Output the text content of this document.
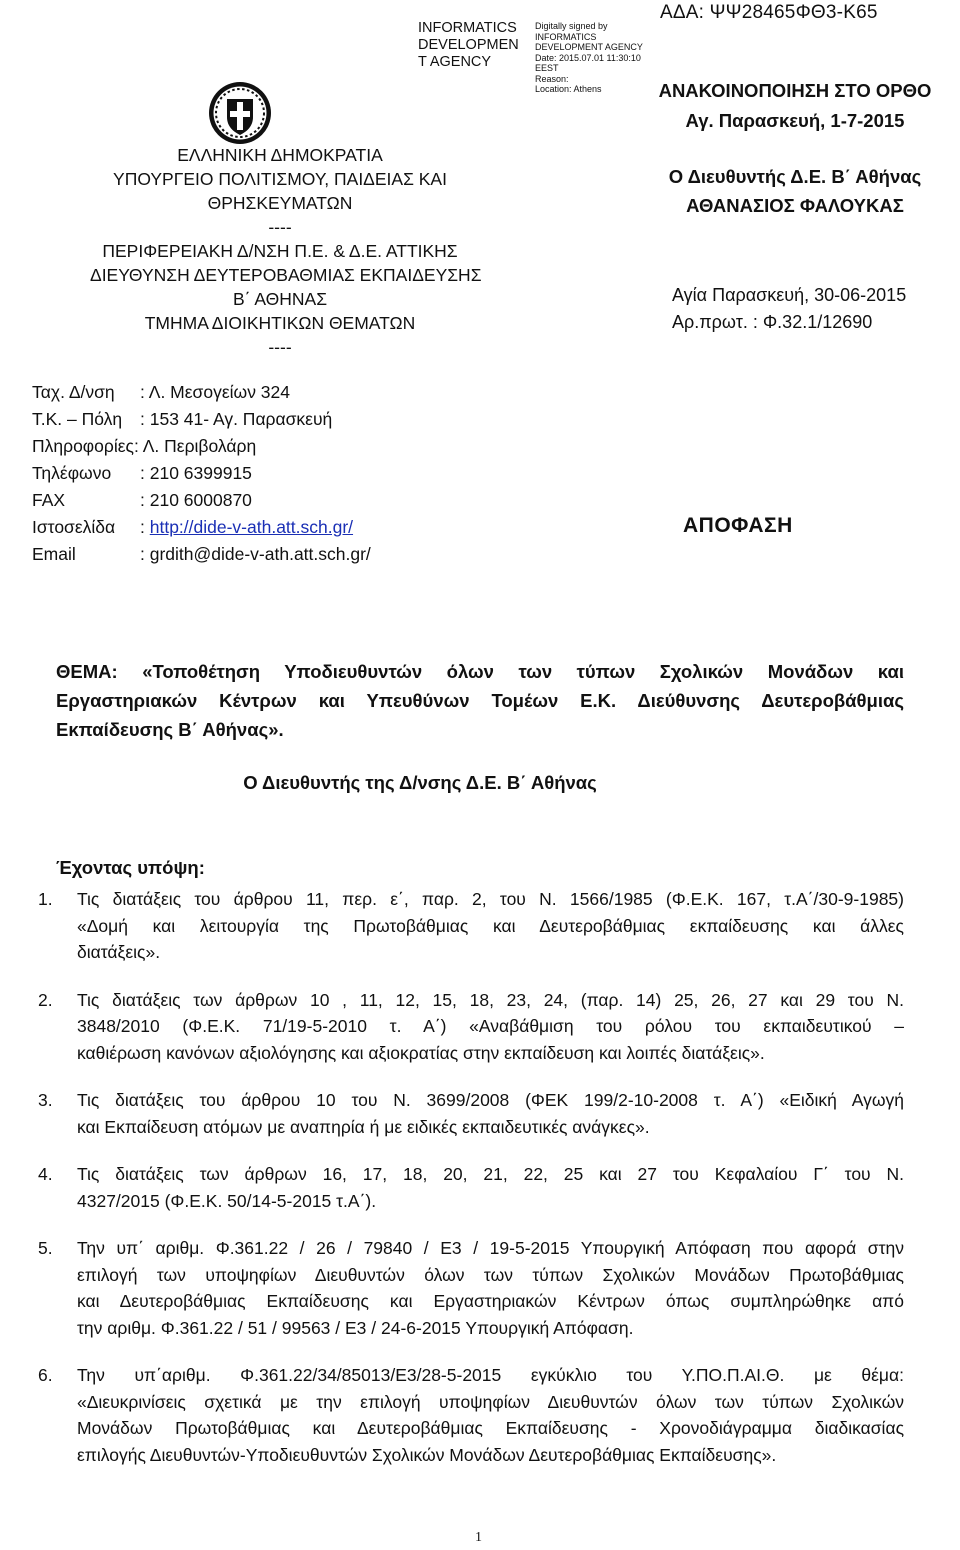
ΕΛΛΗΝΙΚΗ ΔΗΜΟΚΡΑΤΙΑ
ΥΠΟΥΡΓΕΙΟ ΠΟΛΙΤΙΣΜΟΥ, ΠΑΙΔΕΙΑΣ ΚΑΙ
ΘΡΗΣΚΕΥΜΑΤΩΝ
----
ΠΕΡΙΦΕΡΕΙΑΚΗ Δ/ΝΣΗ Π.Ε. & Δ.Ε. ΑΤΤΙΚΗΣ
ΔΙΕΥΘΥΝΣΗ ΔΕΥΤΕΡΟΒΑΘΜΙΑΣ ΕΚΠΑΙΔΕΥΣΗΣ
Β΄ ΑΘΗΝΑΣ
ΤΜΗΜΑ ΔΙΟΙΚΗΤΙΚΩΝ ΘΕΜΑΤΩΝ
----
Ταχ. Δ/νση : Λ. Μεσογείων 324
Τ.Κ. – Πόλη : 153 41- Αγ. Παρασκευή
Πληροφορίες: Λ. Περιβολάρη
Τηλέφωνο : 210 6399915
FAX	: 210 6000870
Ιστοσελίδα : http://dide-v-ath.att.sch.gr/
Email	: grdith@dide-v-ath.att.sch.gr/
INFORMATICS
DEVELOPMEN
T AGENCY
Digitally signed by
INFORMATICS
DEVELOPMENT AGENCY
Date: 2015.07.01 11:30:10
EEST
Reason:
Location: Athens
ΑΔΑ: ΨΨ28465ΦΘ3-Κ65
ΑΝΑΚΟΙΝΟΠΟΙΗΣΗ ΣΤΟ ΟΡΘΟ
Αγ. Παρασκευή, 1-7-2015
Ο Διευθυντής Δ.Ε. Β΄ Αθήνας
ΑΘΑΝΑΣΙΟΣ ΦΑΛΟΥΚΑΣ
Αγία Παρασκευή, 30-06-2015
Αρ.πρωτ. : Φ.32.1/12690
ΑΠΟΦΑΣΗ
ΘΕΜΑ: «Τοποθέτηση Υποδιευθυντών όλων των τύπων Σχολικών Μονάδων και
Εργαστηριακών Κέντρων και Υπευθύνων Τομέων Ε.Κ. Διεύθυνσης Δευτεροβάθμιας
Εκπαίδευσης Β΄ Αθήνας».
Ο Διευθυντής της Δ/νσης Δ.Ε. Β΄ Αθήνας
Έχοντας υπόψη:
1. Τις διατάξεις του άρθρου 11, περ. ε΄, παρ. 2, του Ν. 1566/1985 (Φ.Ε.Κ. 167, τ.Α΄/30-9-1985)
«Δομή και λειτουργία της Πρωτοβάθμιας και Δευτεροβάθμιας εκπαίδευσης και άλλες
διατάξεις».
2. Τις διατάξεις των άρθρων 10 , 11, 12, 15, 18, 23, 24, (παρ. 14) 25, 26, 27 και 29 του Ν.
3848/2010 (Φ.Ε.Κ. 71/19-5-2010 τ. Α΄) «Αναβάθμιση του ρόλου του εκπαιδευτικού –
καθιέρωση κανόνων αξιολόγησης και αξιοκρατίας στην εκπαίδευση και λοιπές διατάξεις».
3. Τις διατάξεις του άρθρου 10 του Ν. 3699/2008 (ΦΕΚ 199/2-10-2008 τ. Α΄) «Ειδική Αγωγή
και Εκπαίδευση ατόμων με αναπηρία ή με ειδικές εκπαιδευτικές ανάγκες».
4. Τις διατάξεις των άρθρων 16, 17, 18, 20, 21, 22, 25 και 27 του Κεφαλαίου Γ΄ του Ν.
4327/2015 (Φ.Ε.Κ. 50/14-5-2015 τ.Α΄).
5. Την υπ΄ αριθμ. Φ.361.22 / 26 / 79840 / Ε3 / 19-5-2015 Υπουργική Απόφαση που αφορά στην
επιλογή των υποψηφίων Διευθυντών όλων των τύπων Σχολικών Μονάδων Πρωτοβάθμιας
και Δευτεροβάθμιας Εκπαίδευσης και Εργαστηριακών Κέντρων όπως συμπληρώθηκε από
την αριθμ. Φ.361.22 / 51 / 99563 / Ε3 / 24-6-2015 Υπουργική Απόφαση.
6. Την υπ΄αριθμ. Φ.361.22/34/85013/Ε3/28-5-2015 εγκύκλιο του Υ.ΠΟ.Π.ΑΙ.Θ. με θέμα:
«Διευκρινίσεις σχετικά με την επιλογή υποψηφίων Διευθυντών όλων των τύπων Σχολικών
Μονάδων Πρωτοβάθμιας και Δευτεροβάθμιας Εκπαίδευσης - Χρονοδιάγραμμα διαδικασίας
επιλογής Διευθυντών-Υποδιευθυντών Σχολικών Μονάδων Δευτεροβάθμιας Εκπαίδευσης».
1
